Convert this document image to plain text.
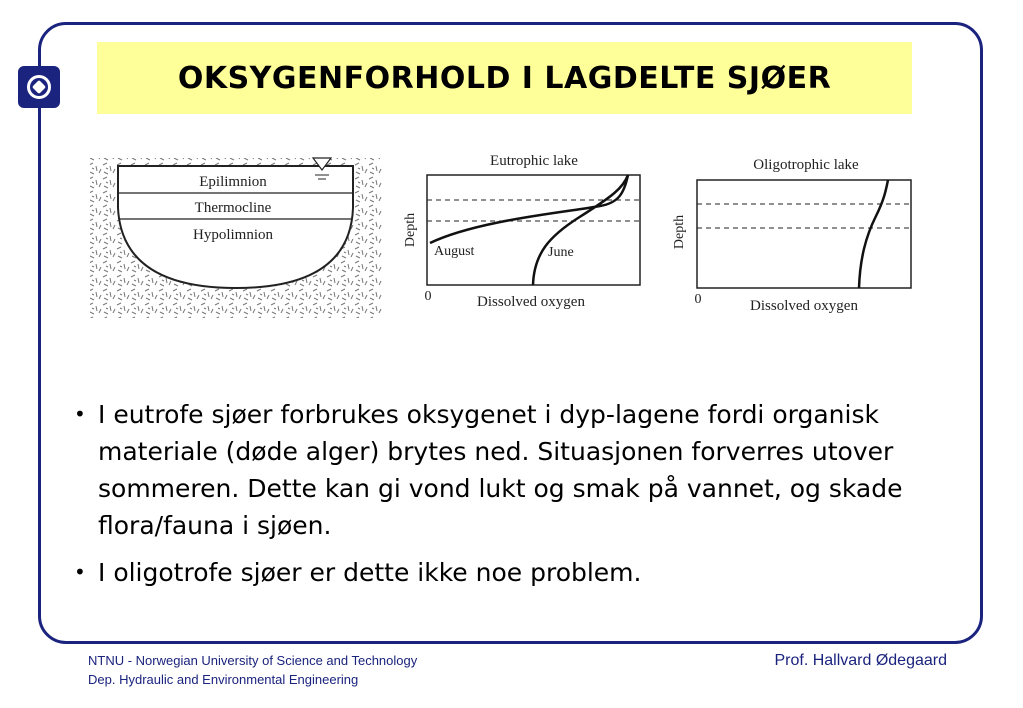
OKSYGENFORHOLD I LAGDELTE SJØER
Epilimnion
Thermocline
Hypolimnion
Eutrophic lake
Depth
0	Dissolved oxygen
August	June
Oligotrophic lake
Depth
0	Dissolved oxygen
• I eutrofe sjøer forbrukes oksygenet i dyp-lagene fordi organisk materiale (døde alger) brytes ned. Situasjonen forverres utover sommeren. Dette kan gi vond lukt og smak på vannet, og skade flora/fauna i sjøen.
• I oligotrofe sjøer er dette ikke noe problem.
NTNU - Norwegian University of Science and Technology
Dep. Hydraulic and Environmental Engineering
Prof. Hallvard Ødegaard
